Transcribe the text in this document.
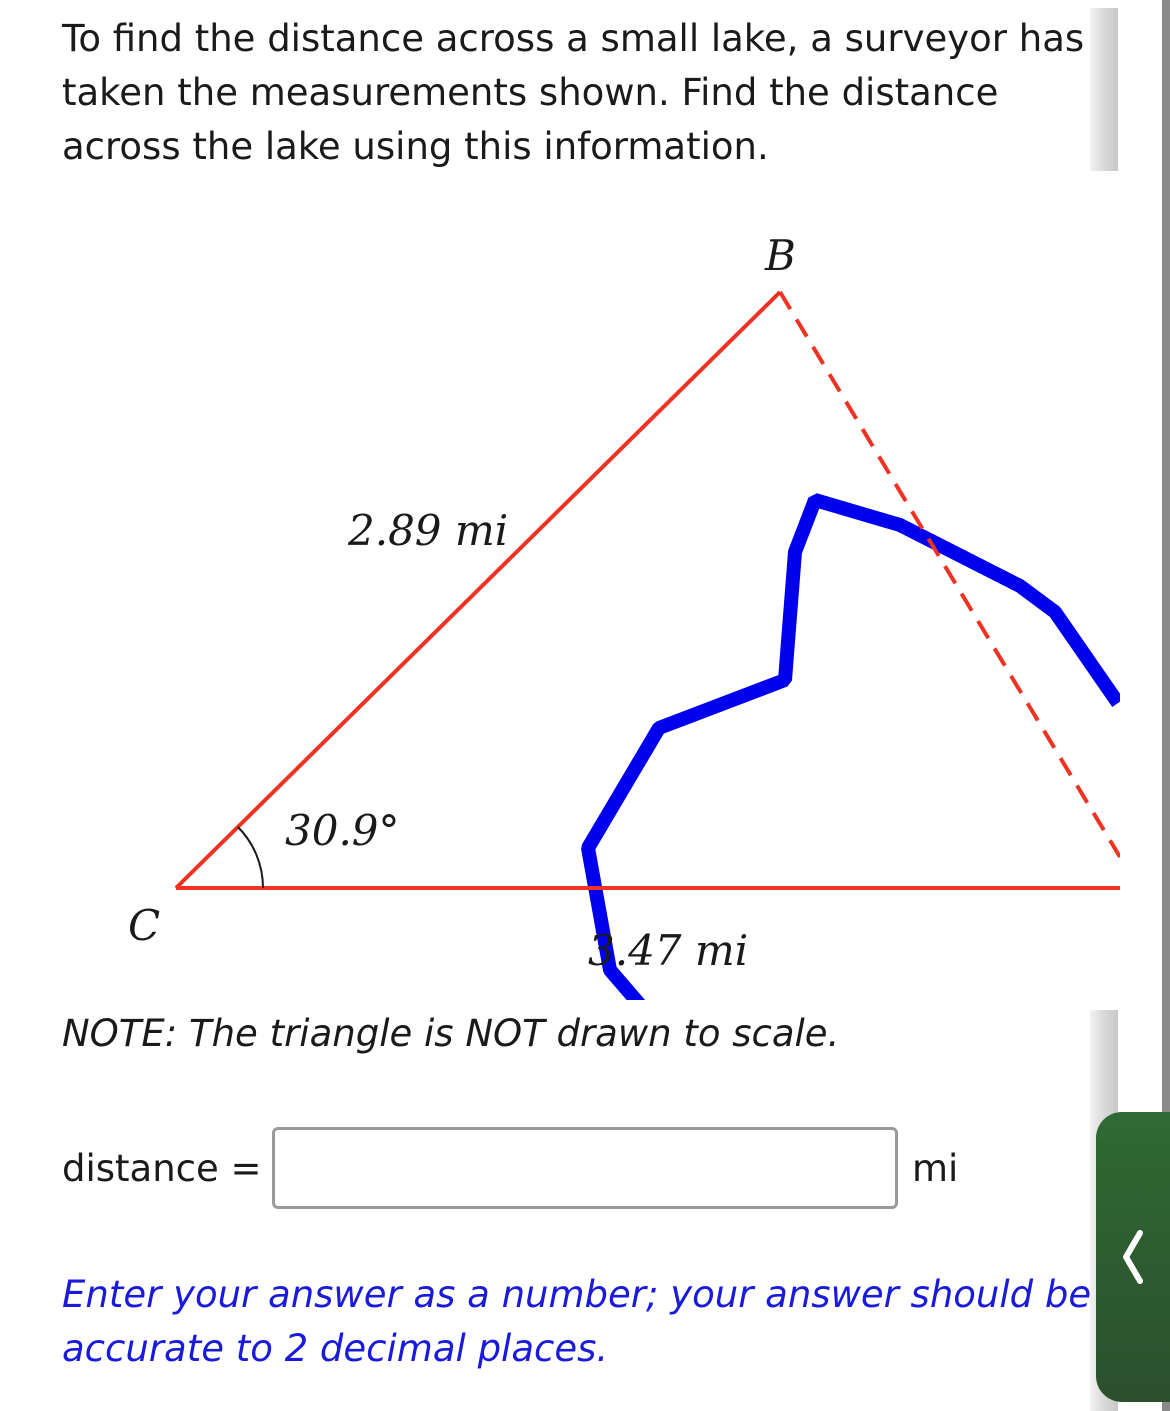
To find the distance across a small lake, a surveyor has taken the measurements shown. Find the distance across the lake using this information.

B
C
2.89 mi
3.47 mi
30.9°

NOTE: The triangle is NOT drawn to scale.

distance =	mi

Enter your answer as a number; your answer should be accurate to 2 decimal places.
